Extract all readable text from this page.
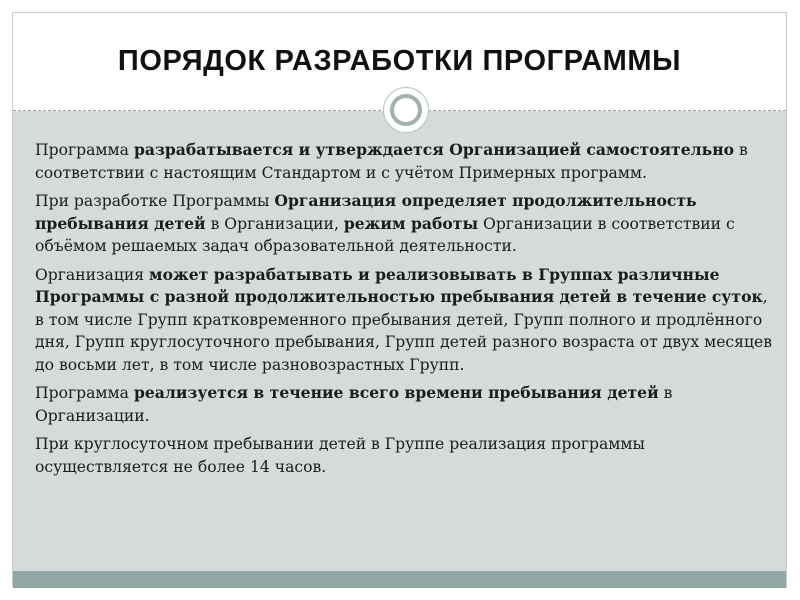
ПОРЯДОК РАЗРАБОТКИ ПРОГРАММЫ

Программа разрабатывается и утверждается Организацией самостоятельно в соответствии с настоящим Стандартом и с учётом Примерных программ.

При разработке Программы Организация определяет продолжительность пребывания детей в Организации, режим работы Организации в соответствии с объёмом решаемых задач образовательной деятельности.

Организация может разрабатывать и реализовывать в Группах различные Программы с разной продолжительностью пребывания детей в течение суток, в том числе Групп кратковременного пребывания детей, Групп полного и продлённого дня, Групп круглосуточного пребывания, Групп детей разного возраста от двух месяцев до восьми лет, в том числе разновозрастных Групп.

Программа реализуется в течение всего времени пребывания детей в Организации.

При круглосуточном пребывании детей в Группе реализация программы осуществляется не более 14 часов.
